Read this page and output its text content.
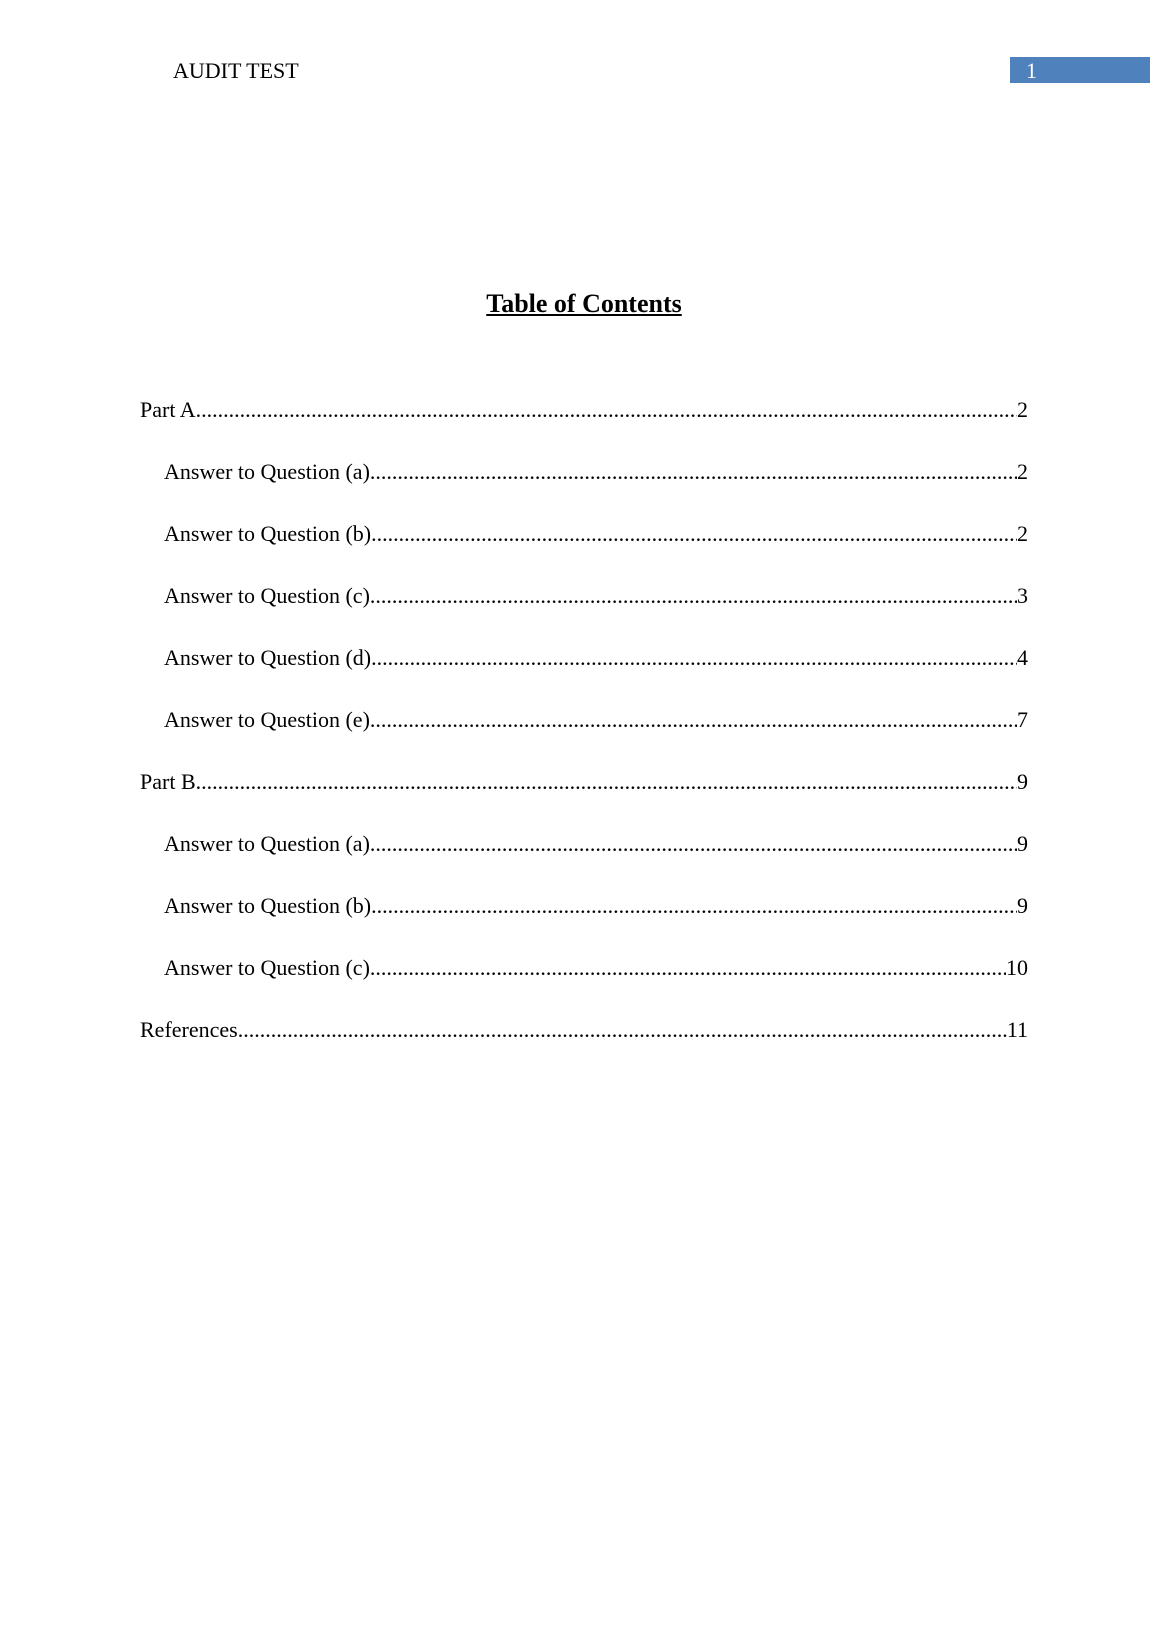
AUDIT TEST	1
Table of Contents
Part A .....	2
Answer to Question (a) .....	2
Answer to Question (b) .....	2
Answer to Question (c) .....	3
Answer to Question (d) .....	4
Answer to Question (e) .....	7
Part B .....	9
Answer to Question (a) .....	9
Answer to Question (b) .....	9
Answer to Question (c) .....	10
References .....	11
